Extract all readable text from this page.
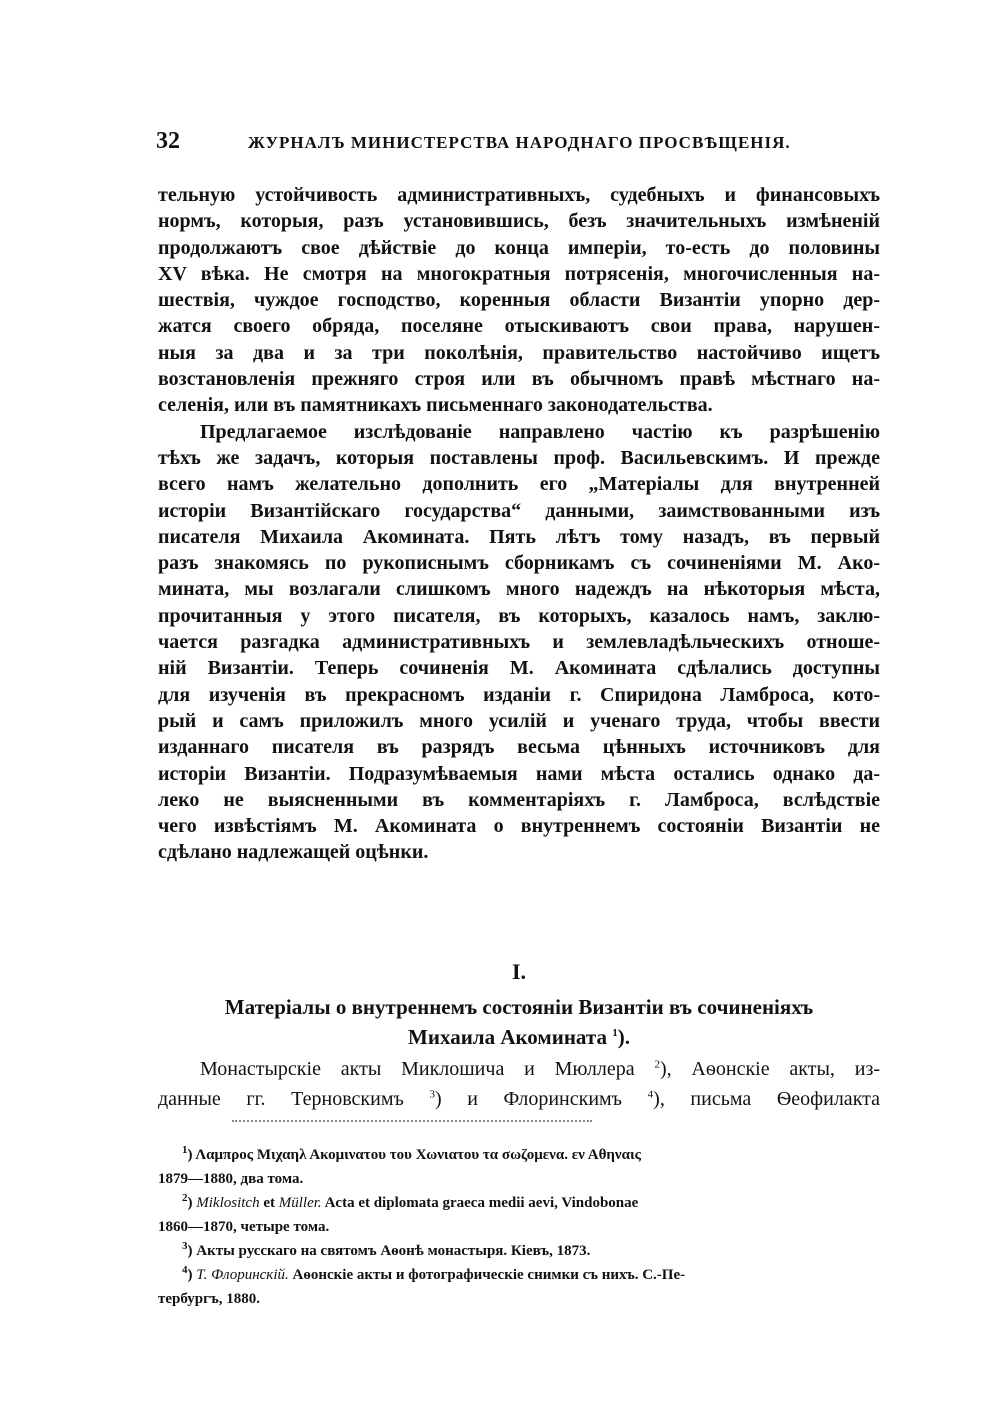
32	ЖУРНАЛЪ МИНИСТЕРСТВА НАРОДНАГО ПРОСВѢЩЕНІЯ.

тельную устойчивость административныхъ, судебныхъ и финансовыхъ

нормъ, которыя, разъ установившись, безъ значительныхъ измѣненій

продолжаютъ свое дѣйствіе до конца имперіи, то-есть до половины

XV вѣка. Не смотря на многократныя потрясенія, многочисленныя на-

шествія, чуждое господство, коренныя области Византіи упорно дер-

жатся своего обряда, поселяне отыскиваютъ свои права, нарушен-

ныя за два и за три поколѣнія, правительство настойчиво ищетъ

возстановленія прежняго строя или въ обычномъ правѣ мѣстнаго на-

селенія, или въ памятникахъ письменнаго законодательства.

Предлагаемое изслѣдованіе направлено частію къ разрѣшенію

тѣхъ же задачъ, которыя поставлены проф. Васильевскимъ. И прежде

всего намъ желательно дополнить его „Матеріалы для внутренней

исторіи Византійскаго государства“ данными, заимствованными изъ

писателя Михаила Акомината. Пять лѣтъ тому назадъ, въ первый

разъ знакомясь по рукописнымъ сборникамъ съ сочиненіями М. Ако-

мината, мы возлагали слишкомъ много надеждъ на нѣкоторыя мѣста,

прочитанныя у этого писателя, въ которыхъ, казалось намъ, заклю-

чается разгадка административныхъ и землевладѣльческихъ отноше-

ній Византіи. Теперь сочиненія М. Акомината сдѣлались доступны

для изученія въ прекрасномъ изданіи г. Спиридона Ламброса, кото-

рый и самъ приложилъ много усилій и ученаго труда, чтобы ввести

изданнаго писателя въ разрядъ весьма цѣнныхъ источниковъ для

исторіи Византіи. Подразумѣваемыя нами мѣста остались однако да-

леко не выясненными въ комментаріяхъ г. Ламброса, вслѣдствіе

чего извѣстіямъ М. Акомината о внутреннемъ состояніи Византіи не

сдѣлано надлежащей оцѣнки.

I.
Матеріалы о внутреннемъ состояніи Византіи въ сочиненіяхъ
Михаила Акомината $^1$).
Монастырскіе акты Миклошича и Мюллера $^2$), Аѳонскіе акты, из-
данные гг. Терновскимъ $^3$) и Флоринскимъ $^4$), письма Ѳеофилакта

$^1$) Λαμπρος Μιχαηλ Ακομινατου του Χωνιατου τα σωζομενα. εν Αθηναις
1879—1880, два тома.

$^2$) Miklositch et Müller. Acta et diplomata graeca medii aevi, Vindobonae
1860—1870, четыре тома.

$^3$) Акты русскаго на святомъ Аѳонѣ монастыря. Кіевъ, 1873.

$^4$) Т. Флоринскій. Аѳонскіе акты и фотографическіе снимки съ нихъ. С.-Пе-
тербургъ, 1880.
